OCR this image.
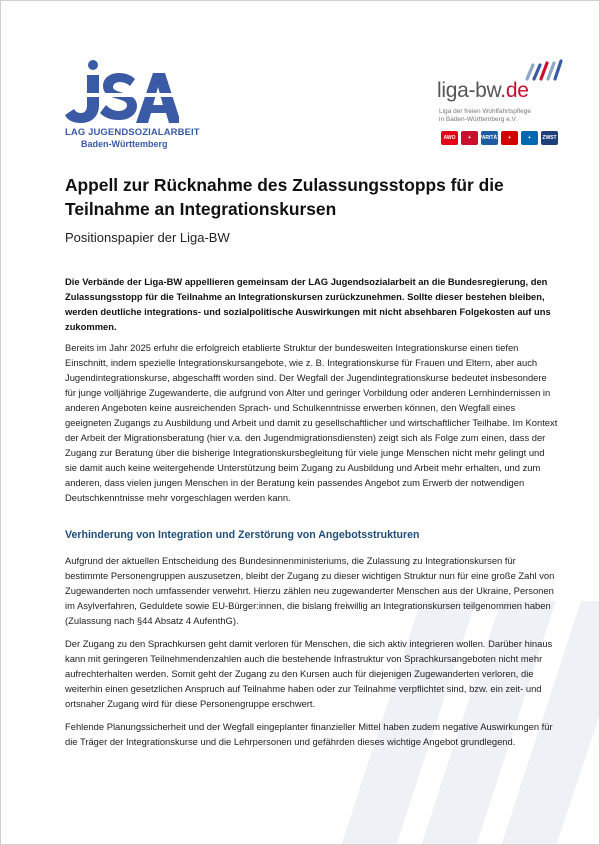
LAG JUGENDSOZIALARBEIT
Baden-Württemberg
liga-bw.de
Liga der freien Wohlfahrtspflege
in Baden-Württemberg e.V.
AWO	+	PARITÄT	+	+	ZWST
Appell zur Rücknahme des Zulassungsstopps für die Teilnahme an Integrationskursen
Positionspapier der Liga-BW
Die Verbände der Liga-BW appellieren gemeinsam der LAG Jugendsozialarbeit an die Bundesregierung, den Zulassungsstopp für die Teilnahme an Integrationskursen zurückzunehmen. Sollte dieser bestehen bleiben, werden deutliche integrations- und sozialpolitische Auswirkungen mit nicht absehbaren Folgekosten auf uns zukommen.

Bereits im Jahr 2025 erfuhr die erfolgreich etablierte Struktur der bundesweiten Integrationskurse einen tiefen Einschnitt, indem spezielle Integrationskursangebote, wie z. B. Integrationskurse für Frauen und Eltern, aber auch Jugendintegrationskurse, abgeschafft worden sind. Der Wegfall der Jugendintegrationskurse bedeutet insbesondere für junge volljährige Zugewanderte, die aufgrund von Alter und geringer Vorbildung oder anderen Lernhindernissen in anderen Angeboten keine ausreichenden Sprach- und Schulkenntnisse erwerben können, den Wegfall eines geeigneten Zugangs zu Ausbildung und Arbeit und damit zu gesellschaftlicher und wirtschaftlicher Teilhabe. Im Kontext der Arbeit der Migrationsberatung (hier v.a. den Jugendmigrationsdiensten) zeigt sich als Folge zum einen, dass der Zugang zur Beratung über die bisherige Integrationskursbegleitung für viele junge Menschen nicht mehr gelingt und sie damit auch keine weitergehende Unterstützung beim Zugang zu Ausbildung und Arbeit mehr erhalten, und zum anderen, dass vielen jungen Menschen in der Beratung kein passendes Angebot zum Erwerb der notwendigen Deutschkenntnisse mehr vorgeschlagen werden kann.

Verhinderung von Integration und Zerstörung von Angebotsstrukturen

Aufgrund der aktuellen Entscheidung des Bundesinnenministeriums, die Zulassung zu Integrationskursen für bestimmte Personengruppen auszusetzen, bleibt der Zugang zu dieser wichtigen Struktur nun für eine große Zahl von Zugewanderten noch umfassender verwehrt. Hierzu zählen neu zugewanderter Menschen aus der Ukraine, Personen im Asylverfahren, Geduldete sowie EU-Bürger:innen, die bislang freiwillig an Integrationskursen teilgenommen haben (Zulassung nach §44 Absatz 4 AufenthG).

Der Zugang zu den Sprachkursen geht damit verloren für Menschen, die sich aktiv integrieren wollen. Darüber hinaus kann mit geringeren Teilnehmendenzahlen auch die bestehende Infrastruktur von Sprachkursangeboten nicht mehr aufrechterhalten werden. Somit geht der Zugang zu den Kursen auch für diejenigen Zugewanderten verloren, die weiterhin einen gesetzlichen Anspruch auf Teilnahme haben oder zur Teilnahme verpflichtet sind, bzw. ein zeit- und ortsnaher Zugang wird für diese Personengruppe erschwert.

Fehlende Planungssicherheit und der Wegfall eingeplanter finanzieller Mittel haben zudem negative Auswirkungen für die Träger der Integrationskurse und die Lehrpersonen und gefährden dieses wichtige Angebot grundlegend.
